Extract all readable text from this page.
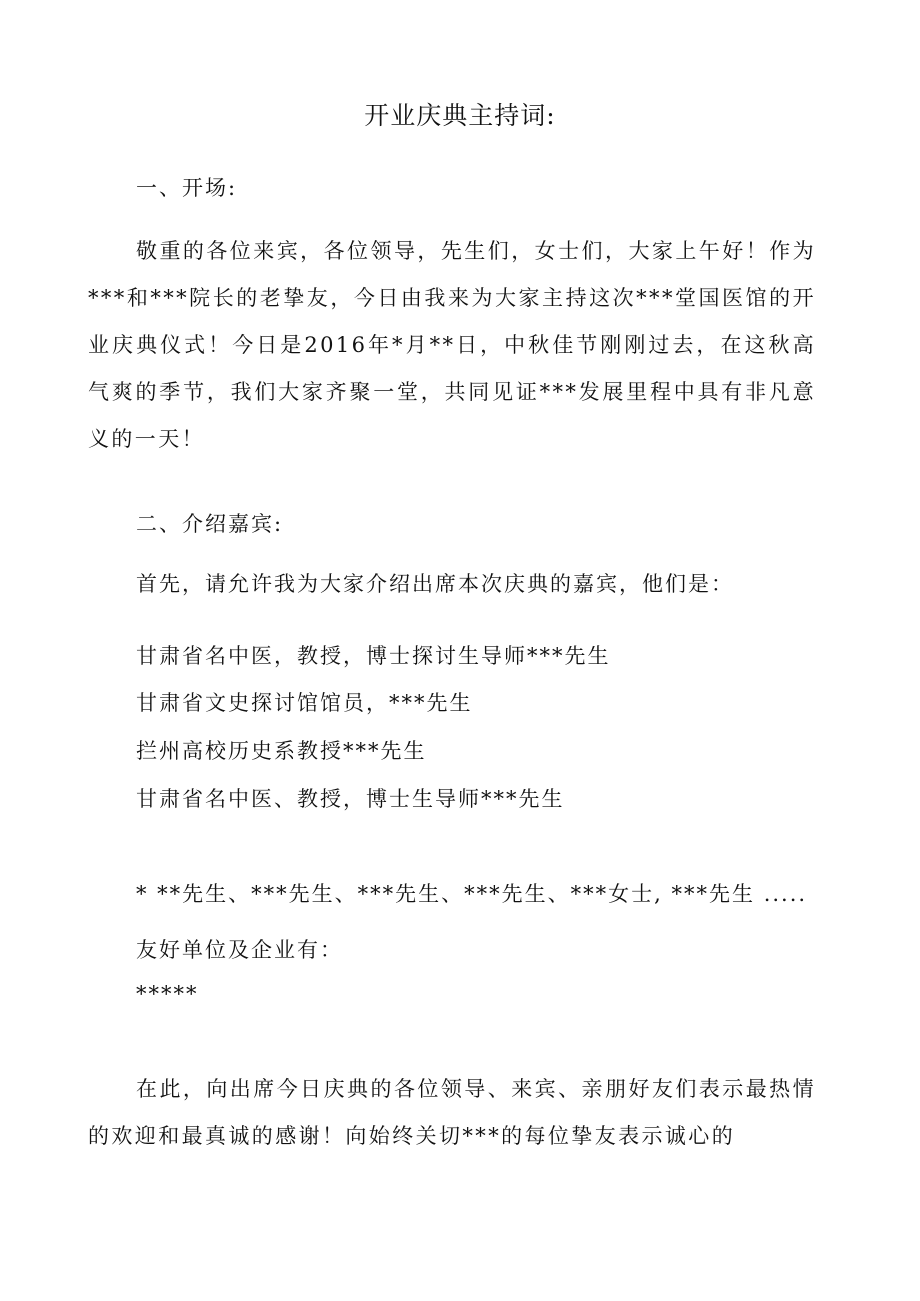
开业庆典主持词:
一、开场:
敬重的各位来宾，各位领导，先生们，女士们，大家上午好！作为***和***院长的老挚友，今日由我来为大家主持这次***堂国医馆的开业庆典仪式！今日是2016年*月**日，中秋佳节刚刚过去，在这秋高气爽的季节，我们大家齐聚一堂，共同见证***发展里程中具有非凡意义的一天！
二、介绍嘉宾:
首先，请允许我为大家介绍出席本次庆典的嘉宾，他们是：
甘肃省名中医，教授，博士探讨生导师***先生
甘肃省文史探讨馆馆员，***先生
拦州高校历史系教授***先生
甘肃省名中医、教授，博士生导师***先生
* **先生、***先生、***先生、***先生、***女士, ***先生 .....
友好单位及企业有：
*****
在此，向出席今日庆典的各位领导、来宾、亲朋好友们表示最热情的欢迎和最真诚的感谢！向始终关切***的每位挚友表示诚心的
